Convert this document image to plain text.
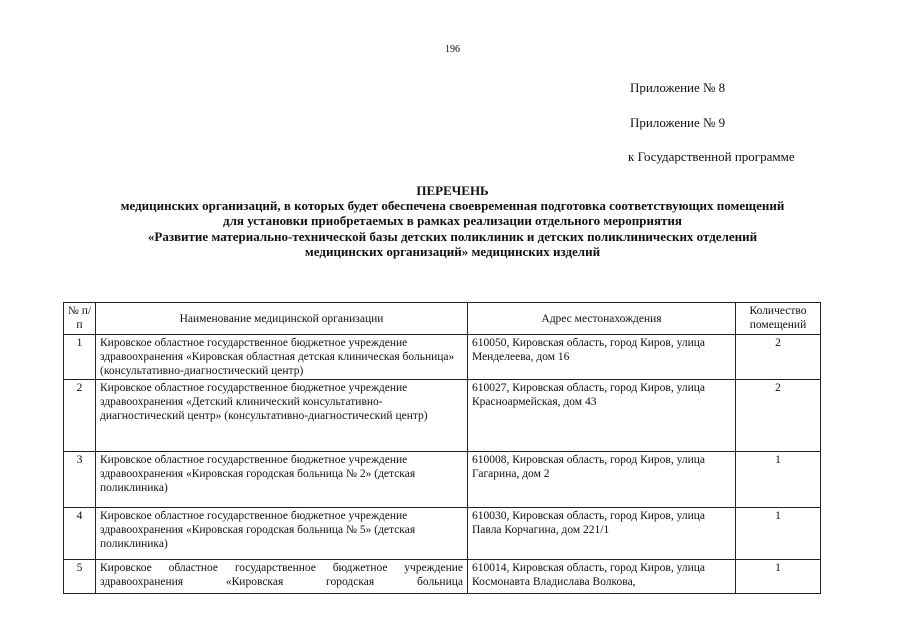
196
Приложение № 8
Приложение № 9
к Государственной программе
ПЕРЕЧЕНЬ
медицинских организаций, в которых будет обеспечена своевременная подготовка соответствующих помещений
для установки приобретаемых в рамках реализации отдельного мероприятия
«Развитие материально-технической базы детских поликлиник и детских поликлинических отделений
медицинских организаций» медицинских изделий
№ п/п	Наименование медицинской организации	Адрес местонахождения	Количество помещений
1	Кировское областное государственное бюджетное учреждение здравоохранения «Кировская областная детская клиническая больница» (консультативно-диагностический центр)	610050, Кировская область, город Киров, улица Менделеева, дом 16	2
2	Кировское областное государственное бюджетное учреждение здравоохранения «Детский клинический консультативно-диагностический центр» (консультативно-диагностический центр)	610027, Кировская область, город Киров, улица Красноармейская, дом 43	2
3	Кировское областное государственное бюджетное учреждение здравоохранения «Кировская городская больница № 2» (детская поликлиника)	610008, Кировская область, город Киров, улица Гагарина, дом 2	1
4	Кировское областное государственное бюджетное учреждение здравоохранения «Кировская городская больница № 5» (детская поликлиника)	610030, Кировская область, город Киров, улица Павла Корчагина, дом 221/1	1
5	Кировское областное государственное бюджетное учреждение здравоохранения «Кировская городская больница	610014, Кировская область, город Киров, улица Космонавта Владислава Волкова,	1
